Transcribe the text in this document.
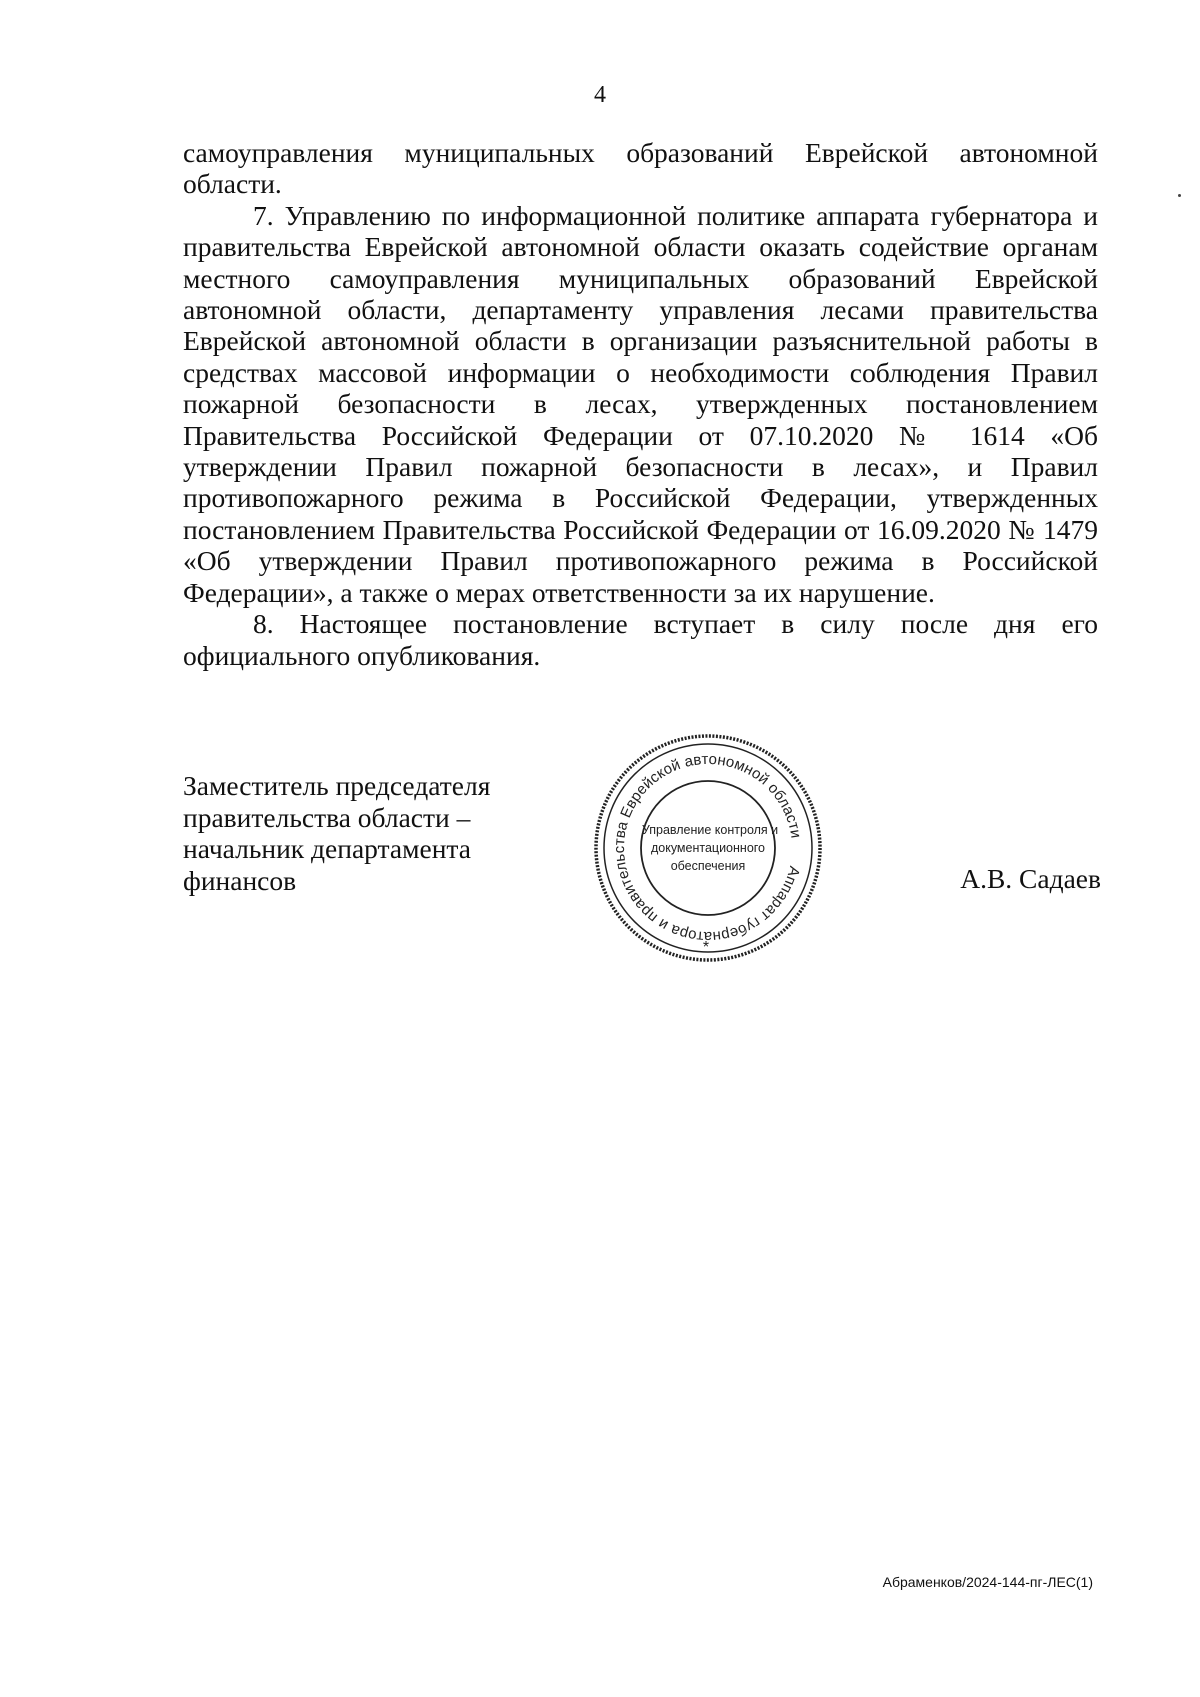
4

самоуправления муниципальных образований Еврейской автономной области.

7. Управлению по информационной политике аппарата губернатора и правительства Еврейской автономной области оказать содействие органам местного самоуправления муниципальных образований Еврейской автономной области, департаменту управления лесами правительства Еврейской автономной области в организации разъяснительной работы в средствах массовой информации о необходимости соблюдения Правил пожарной безопасности в лесах, утвержденных постановлением Правительства Российской Федерации от 07.10.2020 № 1614 «Об утверждении Правил пожарной безопасности в лесах», и Правил противопожарного режима в Российской Федерации, утвержденных постановлением Правительства Российской Федерации от 16.09.2020 № 1479 «Об утверждении Правил противопожарного режима в Российской Федерации», а также о мерах ответственности за их нарушение.

8. Настоящее постановление вступает в силу после дня его официального опубликования.

Заместитель председателя
правительства области –
начальник департамента
финансов	Аппарат губернатора и правительства Еврейской автономной области
Управление контроля и
документационного
обеспечения
*
А.В. Садаев
Абраменков/2024-144-пг-ЛЕС(1)
